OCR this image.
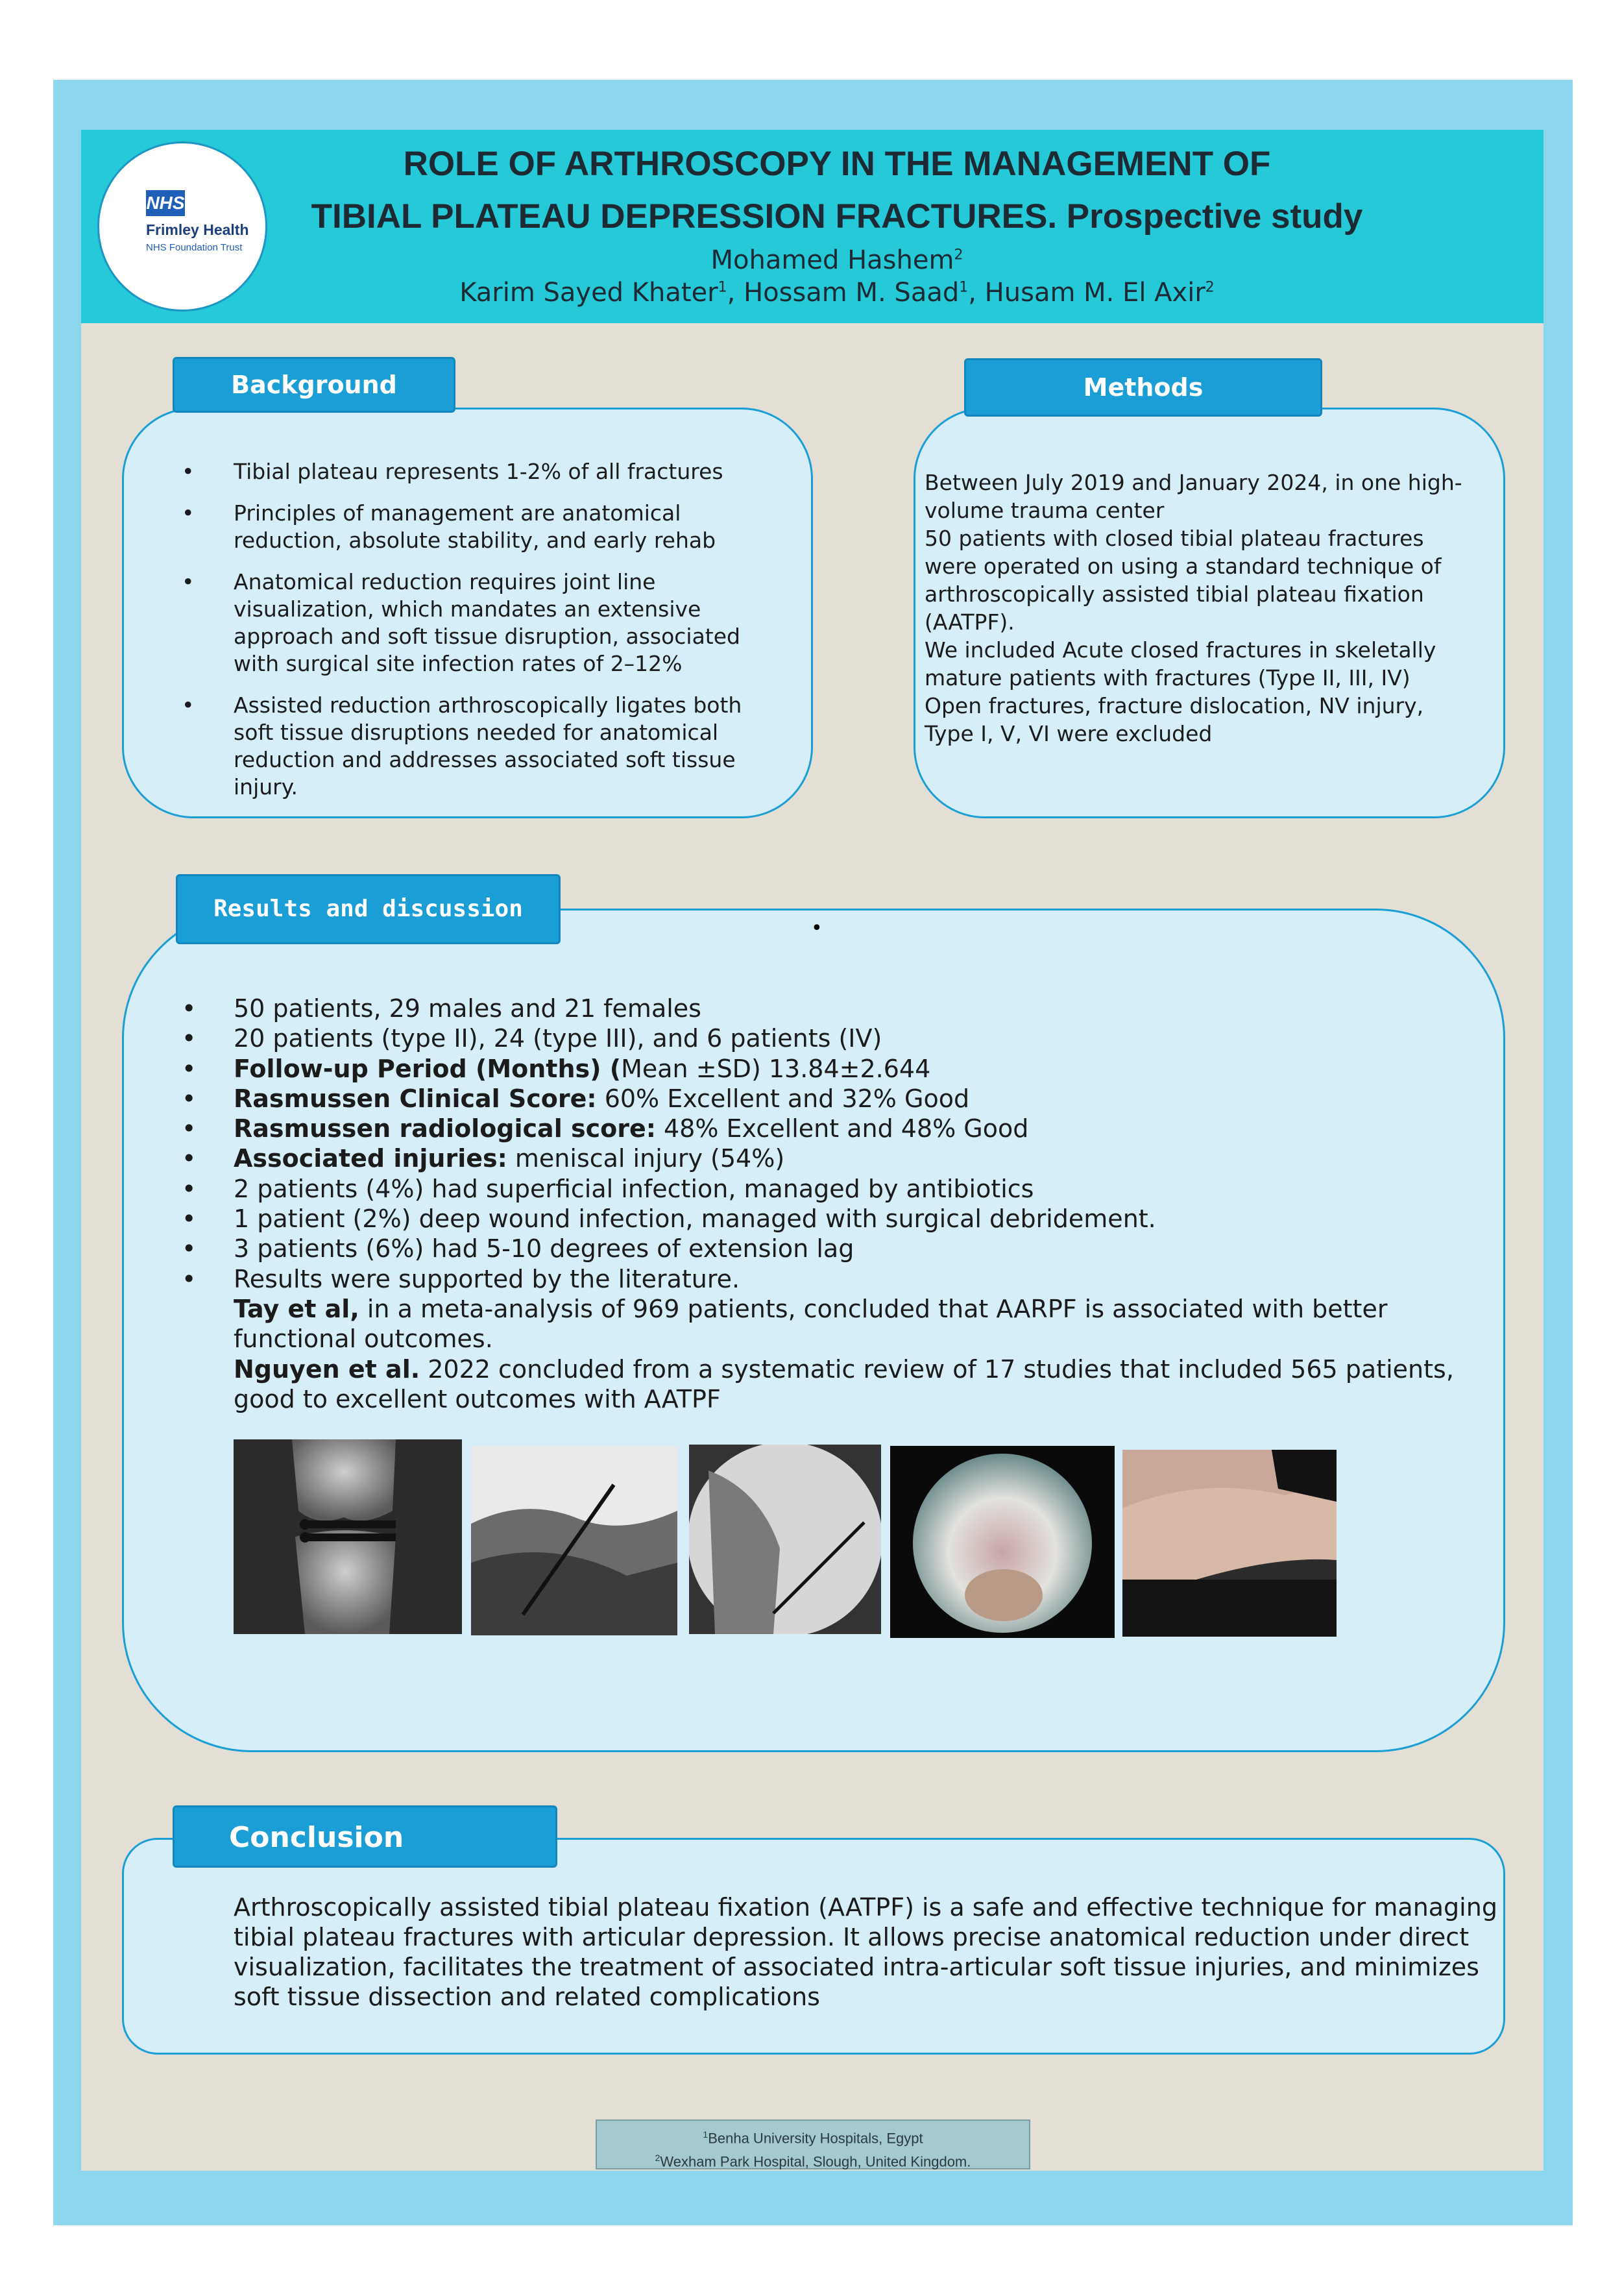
NHS
Frimley Health
NHS Foundation Trust
ROLE OF ARTHROSCOPY IN THE MANAGEMENT OF
TIBIAL PLATEAU DEPRESSION FRACTURES. Prospective study
Mohamed Hashem$^2$
Karim Sayed Khater$^1$, Hossam M. Saad$^1$, Husam M. El Axir$^2$
Background
• Tibial plateau represents 1-2% of all fractures
• Principles of management are anatomical reduction, absolute stability, and early rehab
• Anatomical reduction requires joint line visualization, which mandates an extensive approach and soft tissue disruption, associated with surgical site infection rates of 2–12%
• Assisted reduction arthroscopically ligates both soft tissue disruptions needed for anatomical reduction and addresses associated soft tissue injury.
Methods
Between July 2019 and January 2024, in one high-
volume trauma center
50 patients with closed tibial plateau fractures
were operated on using a standard technique of
arthroscopically assisted tibial plateau fixation
(AATPF).
We included Acute closed fractures in skeletally
mature patients with fractures (Type II, III, IV)
Open fractures, fracture dislocation, NV injury,
Type I, V, VI were excluded
Results and discussion
•
• 50 patients, 29 males and 21 females
• 20 patients (type II), 24 (type III), and 6 patients (IV)
• Follow-up Period (Months) (Mean ±SD) 13.84±2.644
• Rasmussen Clinical Score: 60% Excellent and 32% Good
• Rasmussen radiological score: 48% Excellent and 48% Good
• Associated injuries: meniscal injury (54%)
• 2 patients (4%) had superficial infection, managed by antibiotics
• 1 patient (2%) deep wound infection, managed with surgical debridement.
• 3 patients (6%) had 5-10 degrees of extension lag
• Results were supported by the literature.
Tay et al, in a meta-analysis of 969 patients, concluded that AARPF is associated with better functional outcomes.
Nguyen et al. 2022 concluded from a systematic review of 17 studies that included 565 patients, good to excellent outcomes with AATPF
Conclusion
Arthroscopically assisted tibial plateau fixation (AATPF) is a safe and effective technique for managing tibial plateau fractures with articular depression. It allows precise anatomical reduction under direct visualization, facilitates the treatment of associated intra-articular soft tissue injuries, and minimizes soft tissue dissection and related complications
$^1$Benha University Hospitals, Egypt
$^2$Wexham Park Hospital, Slough, United Kingdom.
